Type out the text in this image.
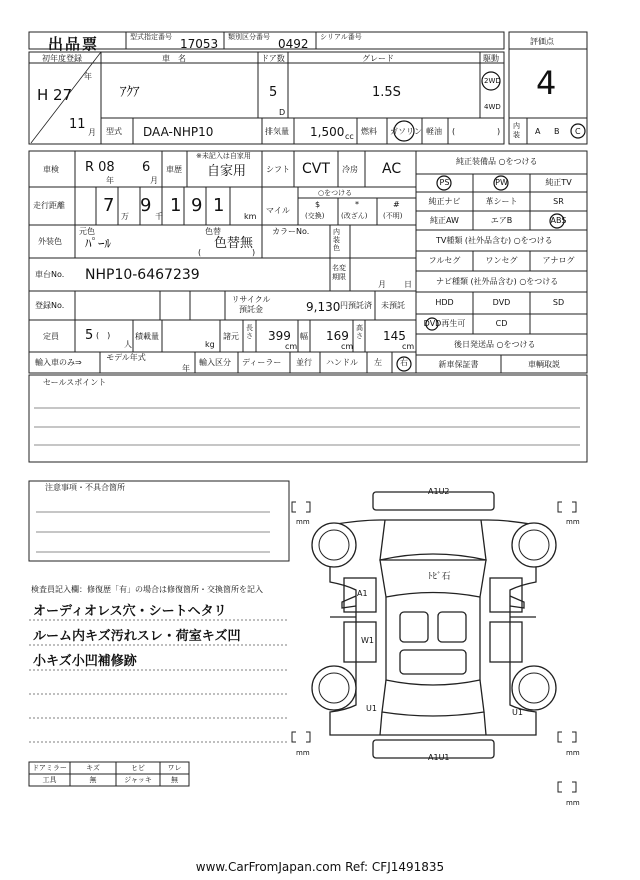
出品票	型式指定番号 17053 類別区分番号 0492 シリアル番号	評価点
4
初年度登録
年
H 27
11
月
車　名
ｱｸｱ
ドア数
5
D
グレード
1.5S
駆動
2WD
4WD
型式 DAA-NHP10	排気量 1,500 cc
燃料 ガソリン 軽油 (	)
内装	A B C
車検 R 08
年
6
月
車歴
※未記入は自家用
自家用 シフト CVT 冷房 AC
走行距離 7
万
9
千
1 9 1
km
マイル
○をつける
$
(交換)
*
(改ざん)
#
(不明)
外装色
元色
ﾊﾟｰﾙ
色替
色替無
(	)
カラーNo.	内装色
車台No. NHP10-6467239	名変期限
月 日
登録No.
リサイクル預託金	9,130 円預託済 未預託
定員 5 (　)
人
積載量
kg
諸元
長さ 399
cm
幅 169
cm
高さ 145
cm
輸入車のみ⇒
モデル年式
年
輸入区分 ディーラー 並行 ハンドル 左 右
純正装備品 ○をつける
PS	PW	純正TV
純正ナビ	革シート	SR
純正AW	エアB	ABS
TV種類 (社外品含む) ○をつける
フルセグ	ワンセグ	アナログ
ナビ種類 (社外品含む) ○をつける
HDD	DVD	SD
DVD再生可	CD
後日発送品 ○をつける
新車保証書	車輌取説
セールスポイント
注意事項・不具合箇所
検査員記入欄：修復歴「有」の場合は修復箇所・交換箇所を記入
オーディオレス穴・シートヘタリ
ルーム内キズ汚れスレ・荷室キズ凹
小キズ小凹補修跡
ドアミラー	キズ	ヒビ	ワレ
工具	無	ジャッキ	無
A1U2
ﾄﾋﾞ石
A1
W1
U1	U1
A1U1
mm	mm
mm	mm
mm
www.CarFromJapan.com Ref: CFJ1491835
